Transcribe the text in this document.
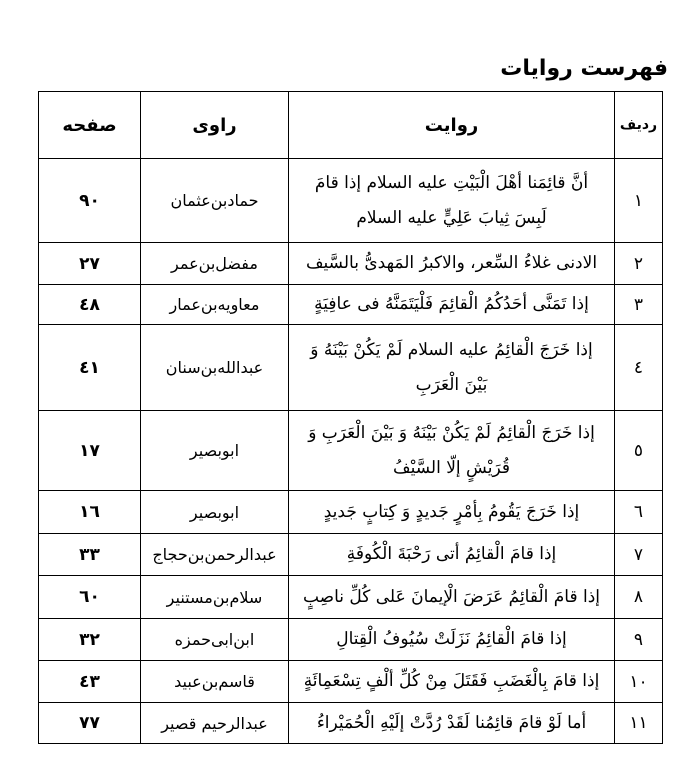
فهرست روایات
ردیف	روایت	راوی	صفحه
١	أنَّ قائِمَنا أهْلَ الْبَيْتِ عليه السلام إذا قامَ لَبِسَ ثِيابَ عَلِيٍّ عليه السلام	حمادبن‌عثمان	٩٠
٢	الادنى غلاءُ السِّعر، والاكبرُ المَهدىُّ بالسَّيف	مفضل‌بن‌عمر	٢٧
٣	إذا تَمَنَّى أحَدُكُمُ الْقائِمَ فَلْيَتَمَنَّهُ فى عافِيَةٍ	معاویه‌بن‌عمار	٤٨
٤	إذا خَرَجَ الْقائِمُ عليه السلام لَمْ يَكُنْ بَيْنَهُ وَ بَيْنَ الْعَرَبِ	عبدالله‌بن‌سنان	٤١
٥	إذا خَرَجَ الْقائِمُ لَمْ يَكُنْ بَيْنَهُ وَ بَيْنَ الْعَرَبِ وَ قُرَيْشٍ إلّا السَّيْفُ	ابوبصیر	١٧
٦	إذا خَرَجَ يَقُومُ بِأمْرٍ جَديدٍ وَ كِتابٍ جَديدٍ	ابوبصیر	١٦
٧	إذا قامَ الْقائِمُ أتى رَحْبَةَ الْكُوفَةِ	عبدالرحمن‌بن‌حجاج	٣٣
٨	إذا قامَ الْقائِمُ عَرَضَ الْإيمانَ عَلى كُلِّ ناصِبٍ	سلام‌بن‌مستنیر	٦٠
٩	إذا قامَ الْقائِمُ نَزَلَتْ سُيُوفُ الْقِتالِ	ابن‌ابی‌حمزه	٣٢
١٠	إذا قامَ بِالْغَضَبِ فَقَتَلَ مِنْ كُلِّ ألْفٍ تِسْعَمِائَةٍ	قاسم‌بن‌عبید	٤٣
١١	أما لَوْ قامَ قائِمُنا لَقَدْ رُدَّتْ إلَيْهِ الْحُمَيْراءُ	عبدالرحیم قصیر	٧٧
